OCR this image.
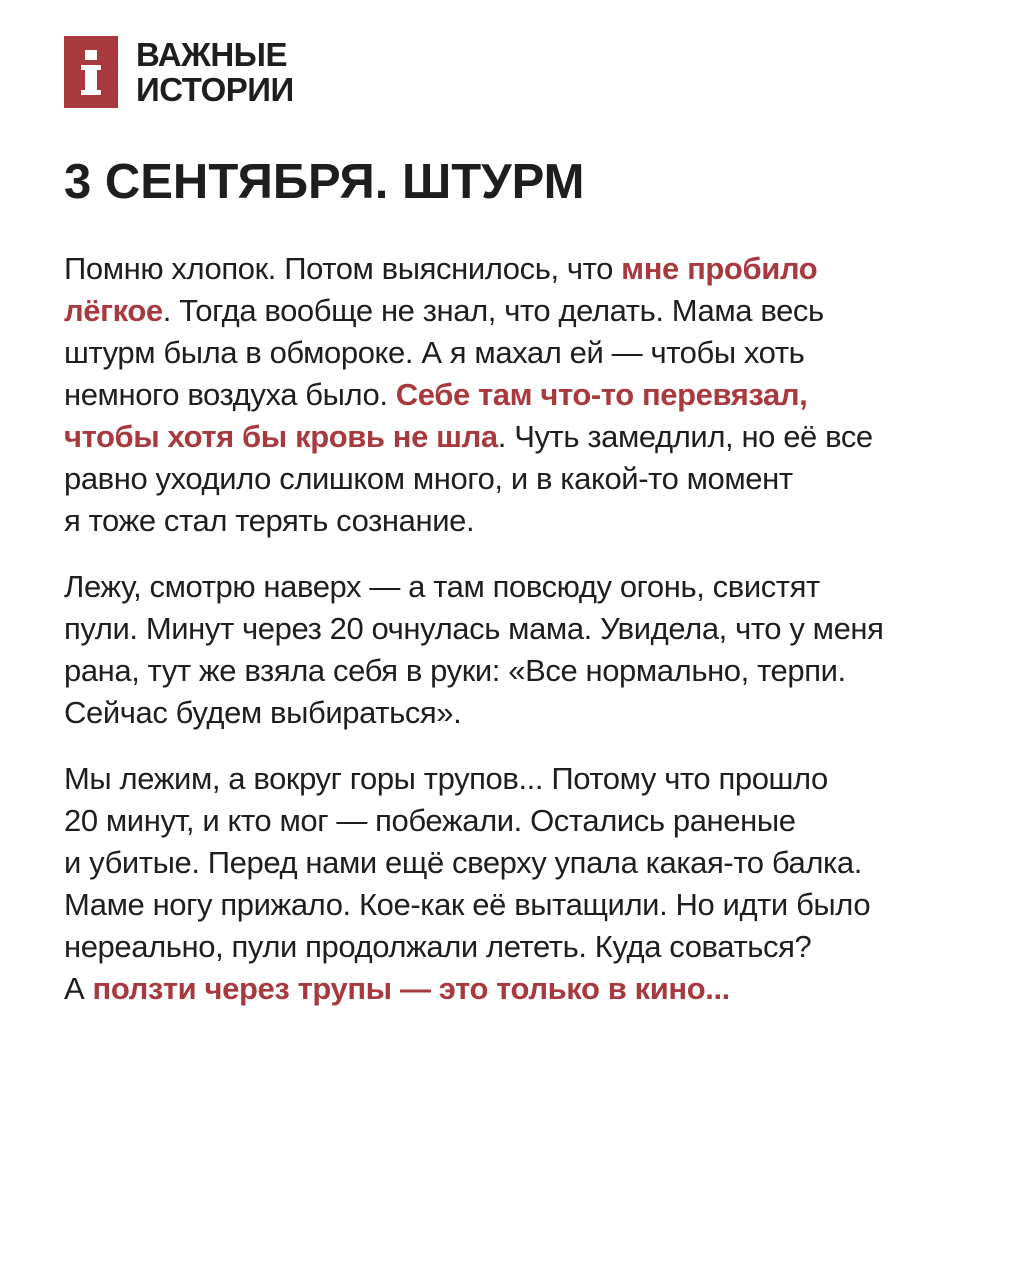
ВАЖНЫЕ
ИСТОРИИ
3 СЕНТЯБРЯ. ШТУРМ

Помню хлопок. Потом выяснилось, что мне пробило
лёгкое. Тогда вообще не знал, что делать. Мама весь
штурм была в обмороке. А я махал ей — чтобы хоть
немного воздуха было. Себе там что-то перевязал,
чтобы хотя бы кровь не шла. Чуть замедлил, но её все
равно уходило слишком много, и в какой-то момент
я тоже стал терять сознание.

Лежу, смотрю наверх — а там повсюду огонь, свистят
пули. Минут через 20 очнулась мама. Увидела, что у меня
рана, тут же взяла себя в руки: «Все нормально, терпи.
Сейчас будем выбираться».

Мы лежим, а вокруг горы трупов... Потому что прошло
20 минут, и кто мог — побежали. Остались раненые
и убитые. Перед нами ещё сверху упала какая-то балка.
Маме ногу прижало. Кое-как её вытащили. Но идти было
нереально, пули продолжали лететь. Куда соваться?
А ползти через трупы — это только в кино...
